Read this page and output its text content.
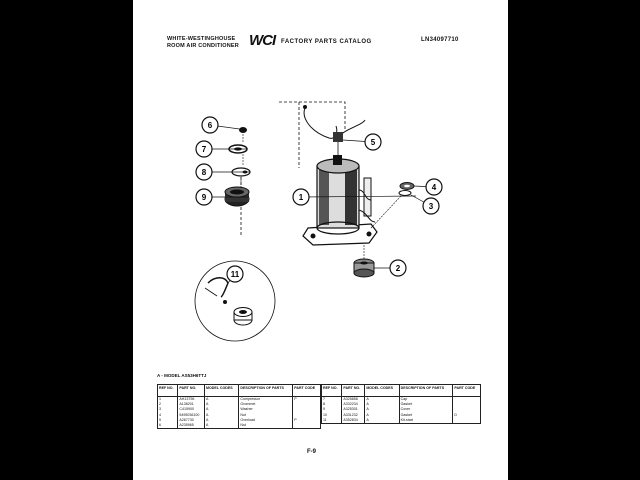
WHITE-WESTINGHOUSE
ROOM AIR CONDITIONER WCI FACTORY PARTS CATALOG	LN34097710
1
2
3
4
5
6
7
8
9
11
A - MODEL AS53H6TTJ
REF NO.	PART NO.	MODEL CODES	DESCRIPTION OF PARTS	PART CODE
1	AH13796	A	Compressor	P
2	A138201	A	Grommet	
3	C415900	A	Washer	
4	5495036100	A	Nut	
5	A267730	A	Overload	P
6	A235965	A	Nut	
REF NO.	PART NO.	MODEL CODES	DESCRIPTION OF PARTS	PART CODE
7	A325858	A	Cap	
8	A332234	A	Gasket	
9	A325301	A	Cover	
10	A331232	A	Gasket	D
11	A352834	A	Kit-start	
F-9
